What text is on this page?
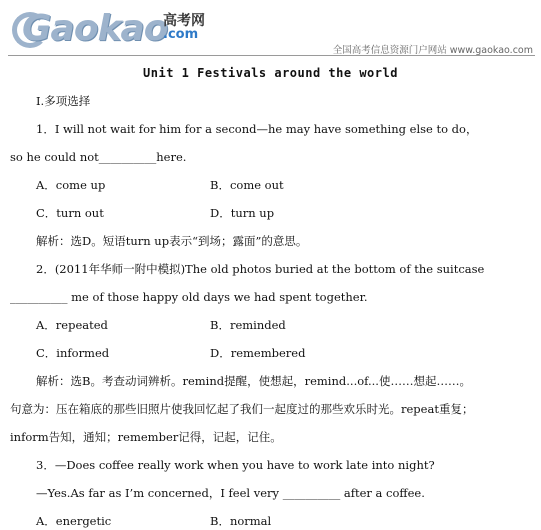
Gaokao
高考网
.com
全国高考信息资源门户网站 www.gaokao.com
Unit 1 Festivals around the world
Ⅰ.多项选择
1．I will not wait for him for a second—he may have something else to do，
so he could not__________here.
A．come up	B．come out
C．turn out	D．turn up
解析：选D。短语turn up表示“到场；露面”的意思。
2．(2011年华师一附中模拟)The old photos buried at the bottom of the suitcase
__________ me of those happy old days we had spent together.
A．repeated	B．reminded
C．informed	D．remembered
解析：选B。考查动词辨析。remind提醒，使想起，remind...of...使……想起……。
句意为：压在箱底的那些旧照片使我回忆起了我们一起度过的那些欢乐时光。repeat重复；
inform告知，通知；remember记得，记起，记住。
3．—Does coffee really work when you have to work late into night?
—Yes.As far as I’m concerned，I feel very __________ after a coffee.
A．energetic	B．normal
